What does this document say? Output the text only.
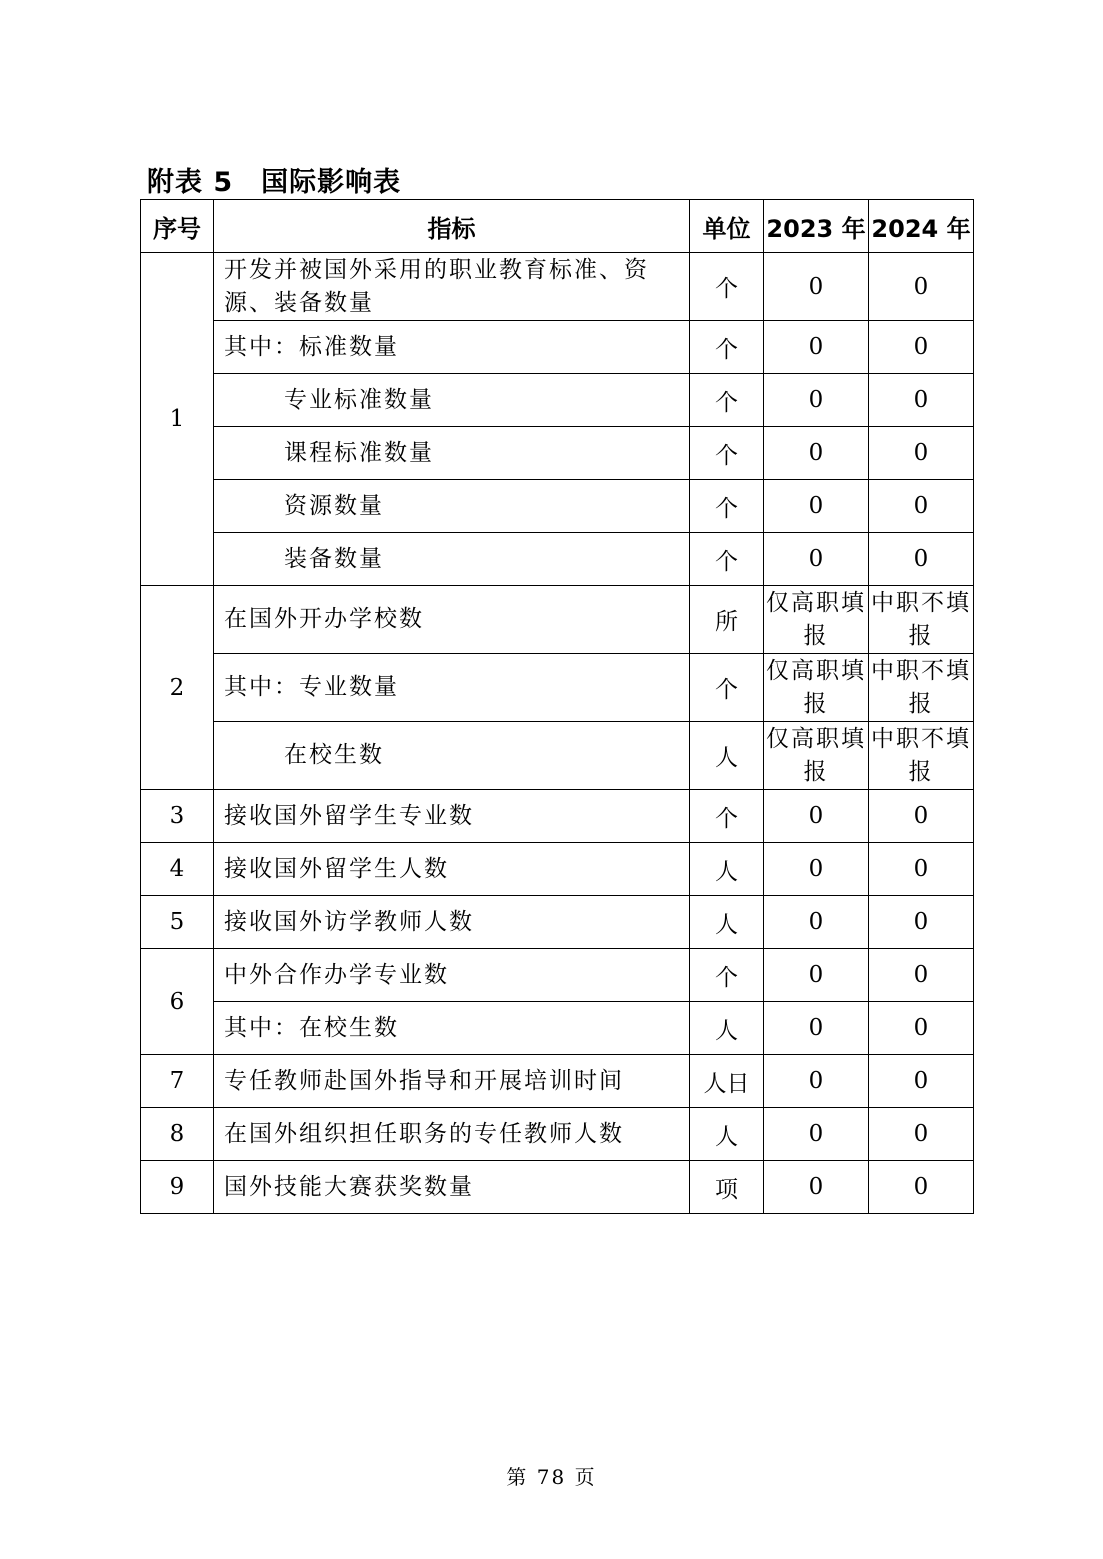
附表 5　国际影响表
序号	指标	单位	2023 年	2024 年
1	开发并被国外采用的职业教育标准、资源、装备数量	个	0	0
	其中：标准数量	个	0	0
	专业标准数量	个	0	0
	课程标准数量	个	0	0
	资源数量	个	0	0
	装备数量	个	0	0
2	在国外开办学校数	所	仅高职填报	中职不填报
	其中：专业数量	个	仅高职填报	中职不填报
	在校生数	人	仅高职填报	中职不填报
3	接收国外留学生专业数	个	0	0
4	接收国外留学生人数	人	0	0
5	接收国外访学教师人数	人	0	0
6	中外合作办学专业数	个	0	0
	其中：在校生数	人	0	0
7	专任教师赴国外指导和开展培训时间	人日	0	0
8	在国外组织担任职务的专任教师人数	人	0	0
9	国外技能大赛获奖数量	项	0	0
第 78 页
